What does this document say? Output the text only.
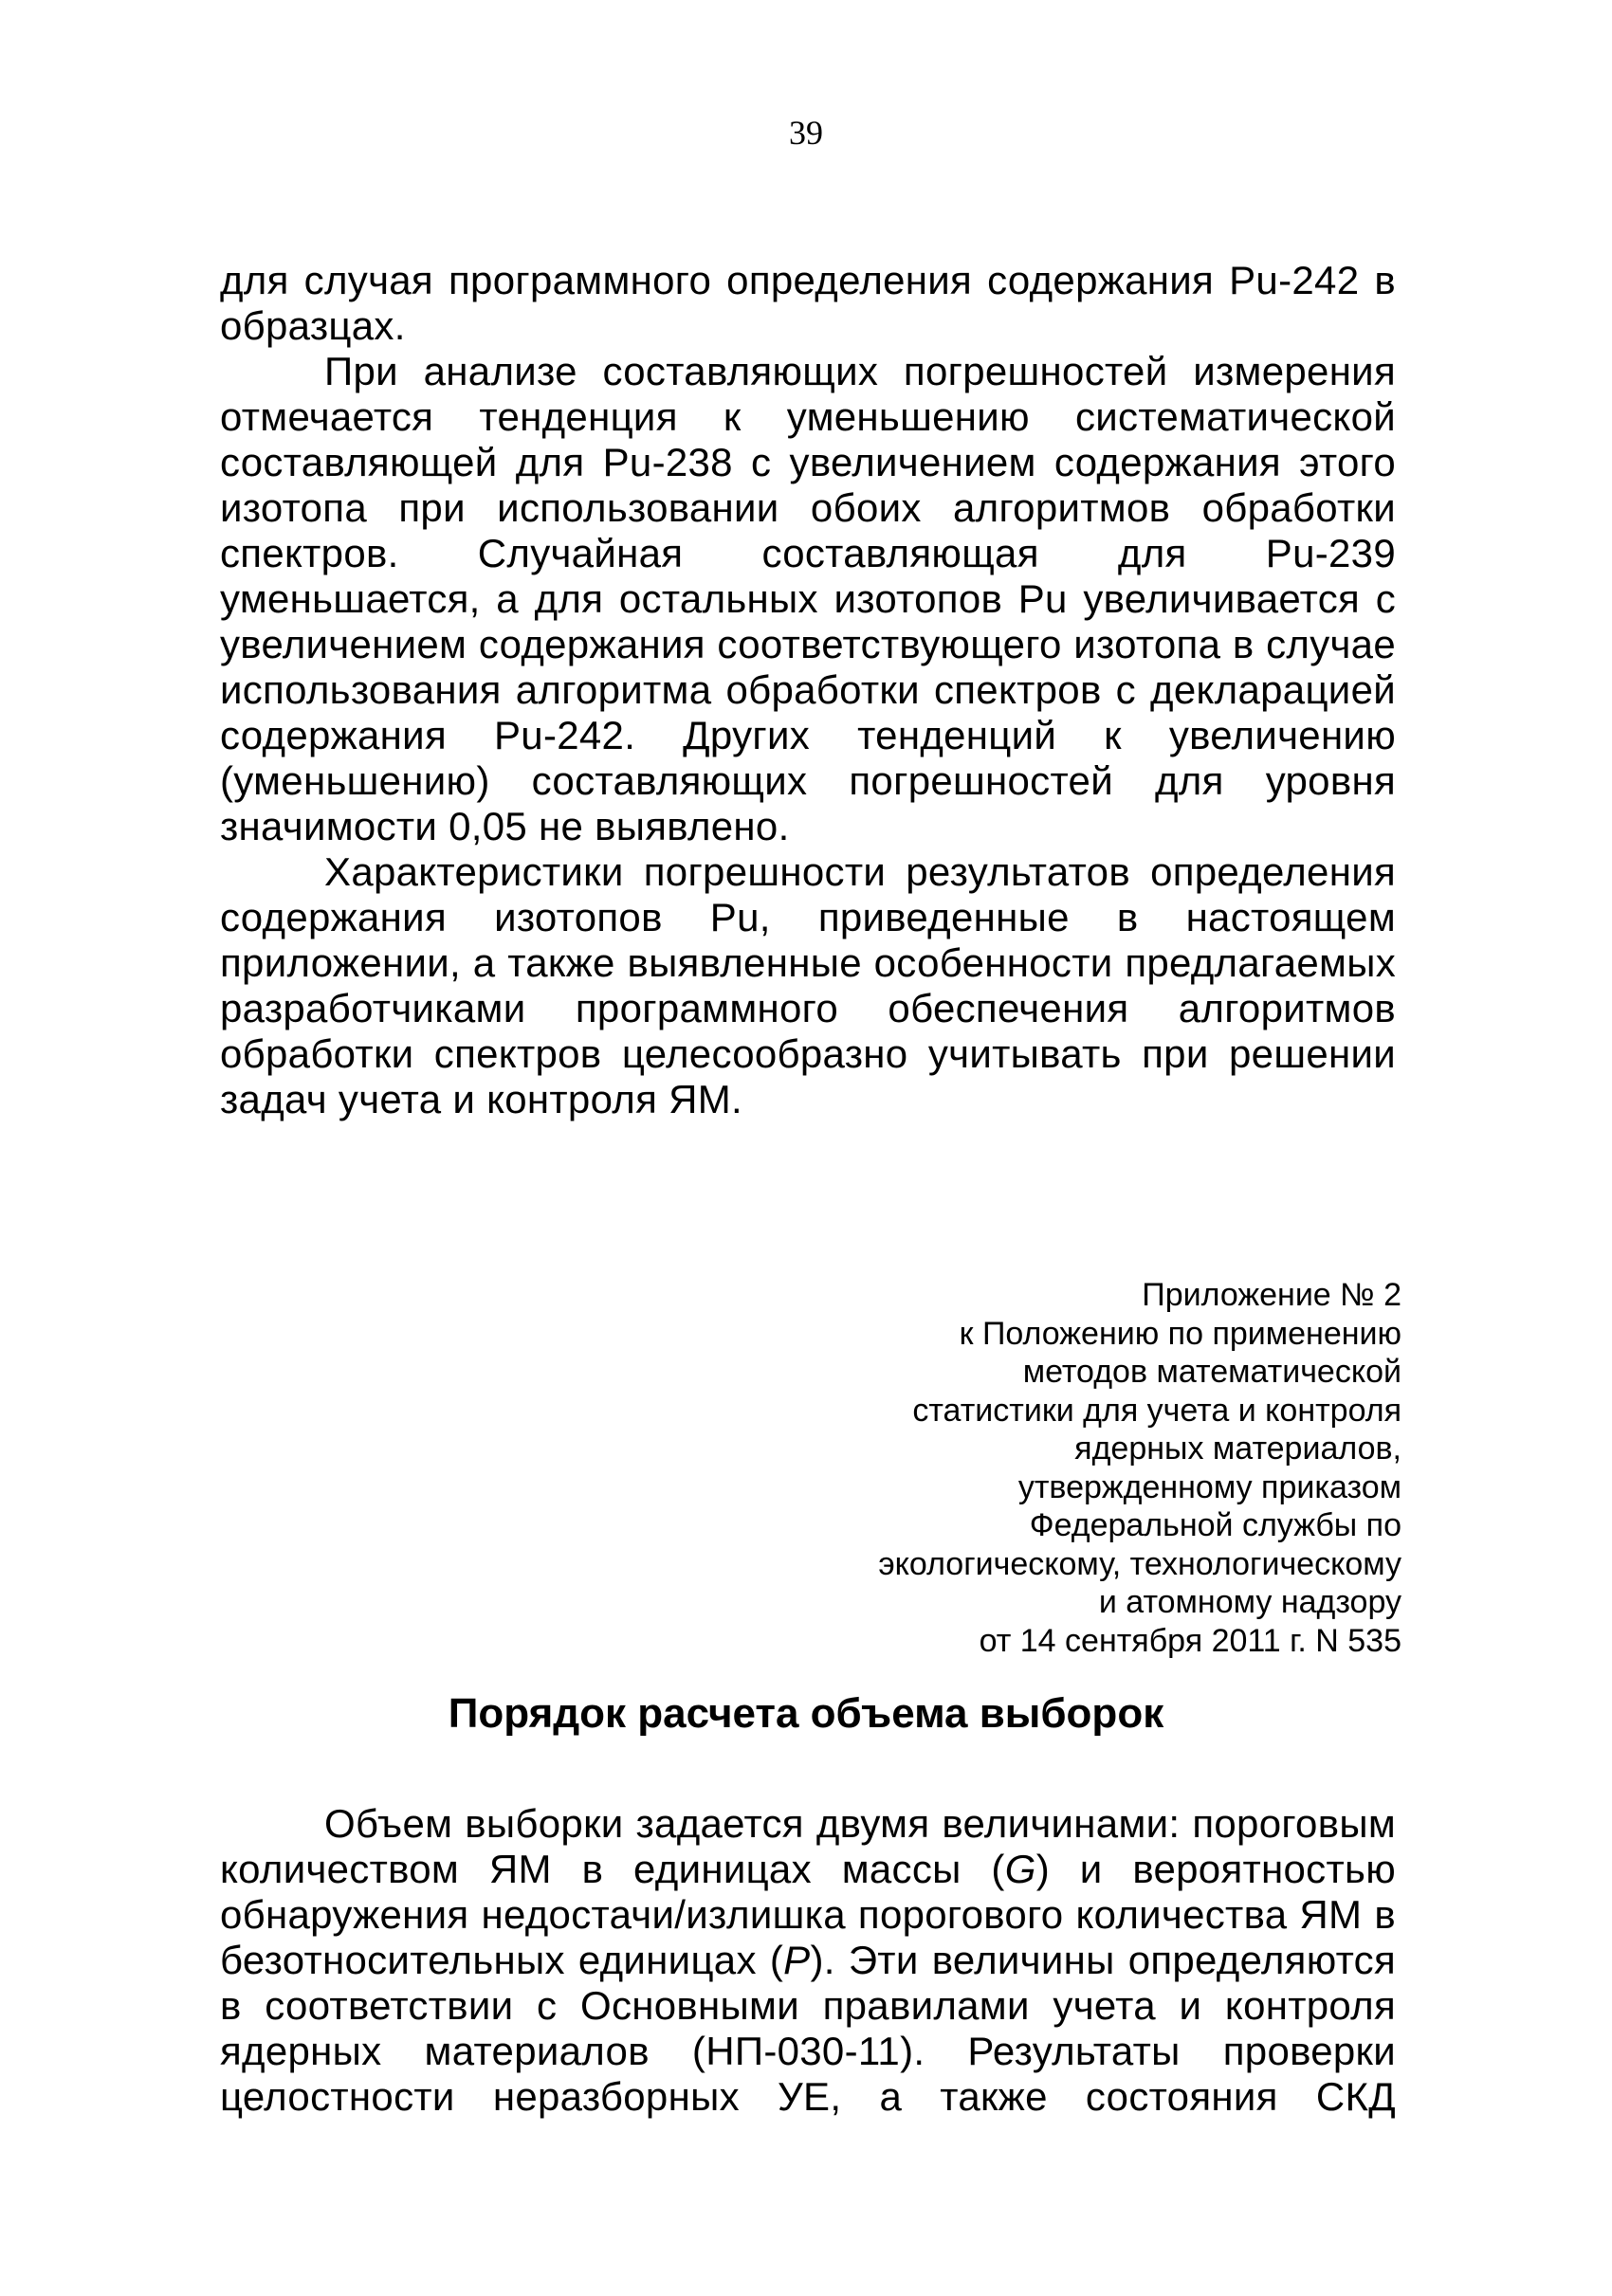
39

для случая программного определения содержания Pu-242 в образцах.

При анализе составляющих погрешностей измерения отмечается тенденция к уменьшению систематической составляющей для Pu-238 с увеличением содержания этого изотопа при использовании обоих алгоритмов обработки спектров. Случайная составляющая для Pu-239 уменьшается, а для остальных изотопов Pu увеличивается с увеличением содержания соответствующего изотопа в случае использования алгоритма обработки спектров с декларацией содержания Pu-242. Других тенденций к увеличению (уменьшению) составляющих погрешностей для уровня значимости 0,05 не выявлено.

Характеристики погрешности результатов определения содержания изотопов Pu, приведенные в настоящем приложении, а также выявленные особенности предлагаемых разработчиками программного обеспечения алгоритмов обработки спектров целесообразно учитывать при решении задач учета и контроля ЯМ.

Приложение № 2
к Положению по применению
методов математической
статистики для учета и контроля
ядерных материалов,
утвержденному приказом
Федеральной службы по
экологическому, технологическому
и атомному надзору
от 14 сентября 2011 г. N 535
Порядок расчета объема выборок

Объем выборки задается двумя величинами: пороговым количеством ЯМ в единицах массы (G) и вероятностью обнаружения недостачи/излишка порогового количества ЯМ в безотносительных единицах (P). Эти величины определяются в соответствии с Основными правилами учета и контроля ядерных материалов (НП-030-11). Результаты проверки целостности неразборных УЕ, а также состояния СКД
